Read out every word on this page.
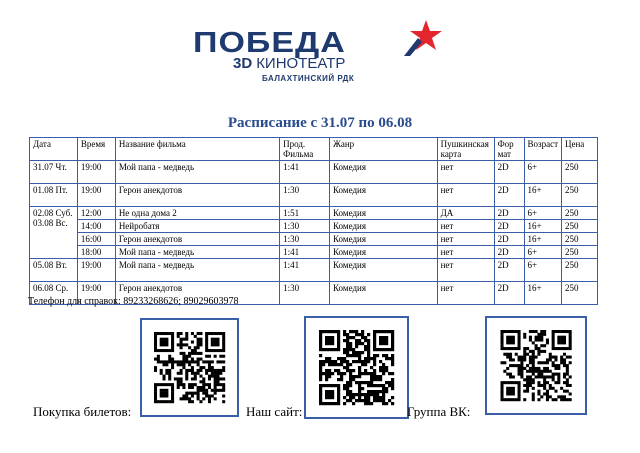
ПОБЕДА
3D КИНОТЕАТР
БАЛАХТИНСКИЙ РДК
Расписание с 31.07 по 06.08
Дата	Время	Название фильма	Прод. Фильма	Жанр	Пушкинская карта	Фор мат	Возраст	Цена
31.07 Чт.	19:00	Мой папа - медведь	1:41	Комедия	нет	2D	6+	250
01.08 Пт.	19:00	Герон анекдотов	1:30	Комедия	нет	2D	16+	250
02.08 Суб. 03.08 Вс.	12:00	Не одна дома 2	1:51	Комедия	ДА	2D	6+	250
	14:00	Нейробатя	1:30	Комедия	нет	2D	16+	250
	16:00	Герон анекдотов	1:30	Комедия	нет	2D	16+	250
	18:00	Мой папа - медведь	1:41	Комедия	нет	2D	6+	250
05.08 Вт.	19:00	Мой папа - медведь	1:41	Комедия	нет	2D	6+	250
06.08 Ср.	19:00	Герон анекдотов	1:30	Комедия	нет	2D	16+	250
Телефон для справок: 89233268626; 89029603978
Покупка билетов:	Наш сайт:	Группа ВК:
